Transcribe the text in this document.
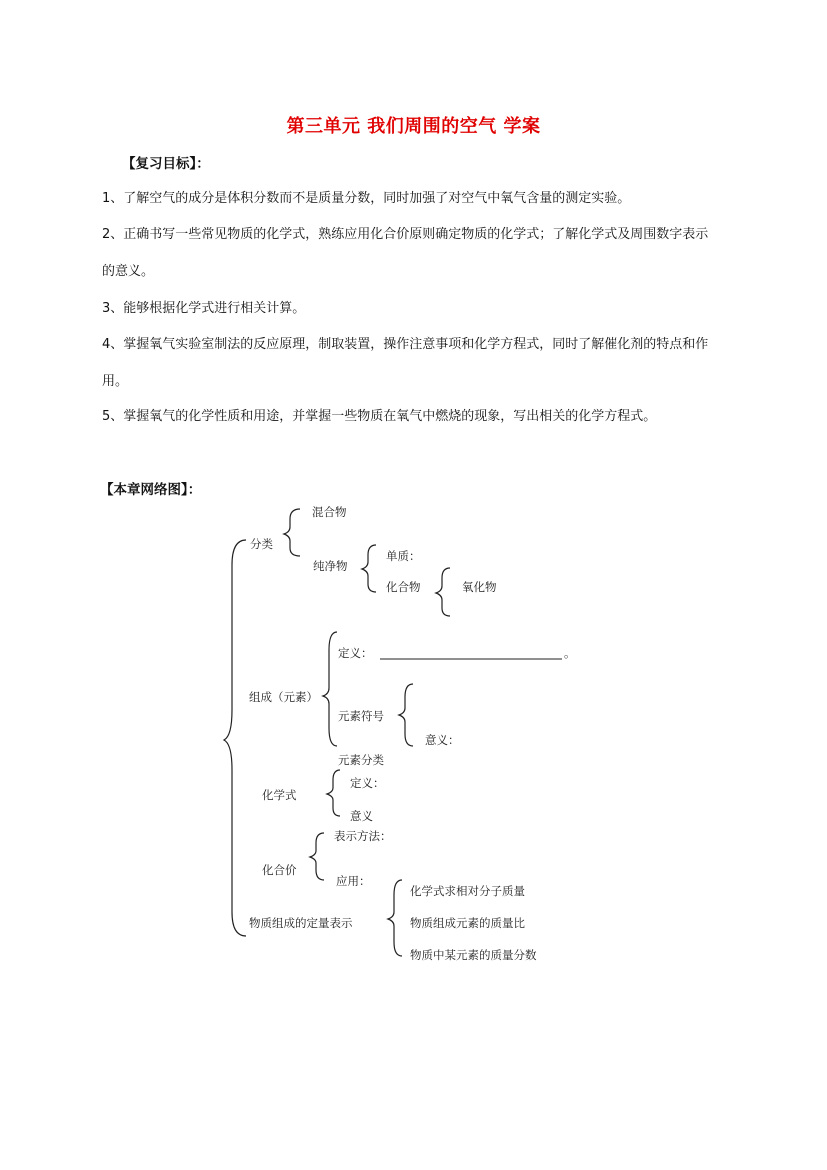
第三单元 我们周围的空气 学案
【复习目标】：
1、了解空气的成分是体积分数而不是质量分数，同时加强了对空气中氧气含量的测定实验。
2、正确书写一些常见物质的化学式，熟练应用化合价原则确定物质的化学式；了解化学式及周围数字表示的意义。
3、能够根据化学式进行相关计算。
4、掌握氧气实验室制法的反应原理，制取装置，操作注意事项和化学方程式，同时了解催化剂的特点和作用。
5、掌握氧气的化学性质和用途，并掌握一些物质在氧气中燃烧的现象，写出相关的化学方程式。
【本章网络图】：
混合物
分类
纯净物
单质：
化合物	氧化物
定义：	。
组成（元素）
元素符号
意义：
元素分类
化学式
定义：
意义
表示方法：
化合价
应用：
化学式求相对分子质量
物质组成的定量表示	物质组成元素的质量比
物质中某元素的质量分数
